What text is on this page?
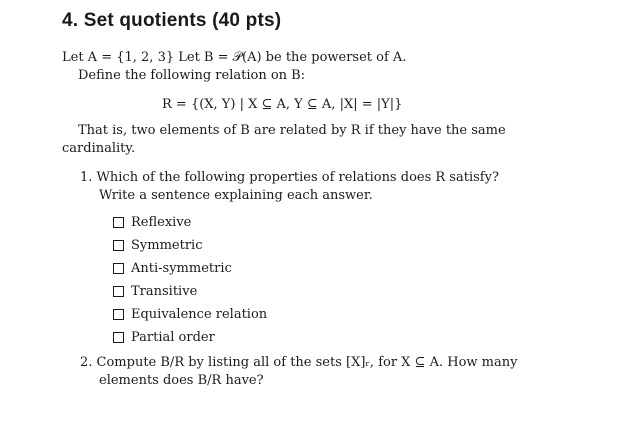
4. Set quotients (40 pts)
Let A = {1, 2, 3} Let B = 𝒫(A) be the powerset of A.
Define the following relation on B:
R = {(X, Y) | X ⊆ A, Y ⊆ A, |X| = |Y|}
That is, two elements of B are related by R if they have the same
cardinality.
1. Which of the following properties of relations does R satisfy?
Write a sentence explaining each answer.
Reflexive
Symmetric
Anti-symmetric
Transitive
Equivalence relation
Partial order
2. Compute B/R by listing all of the sets [X]ᵣ, for X ⊆ A. How many
elements does B/R have?
